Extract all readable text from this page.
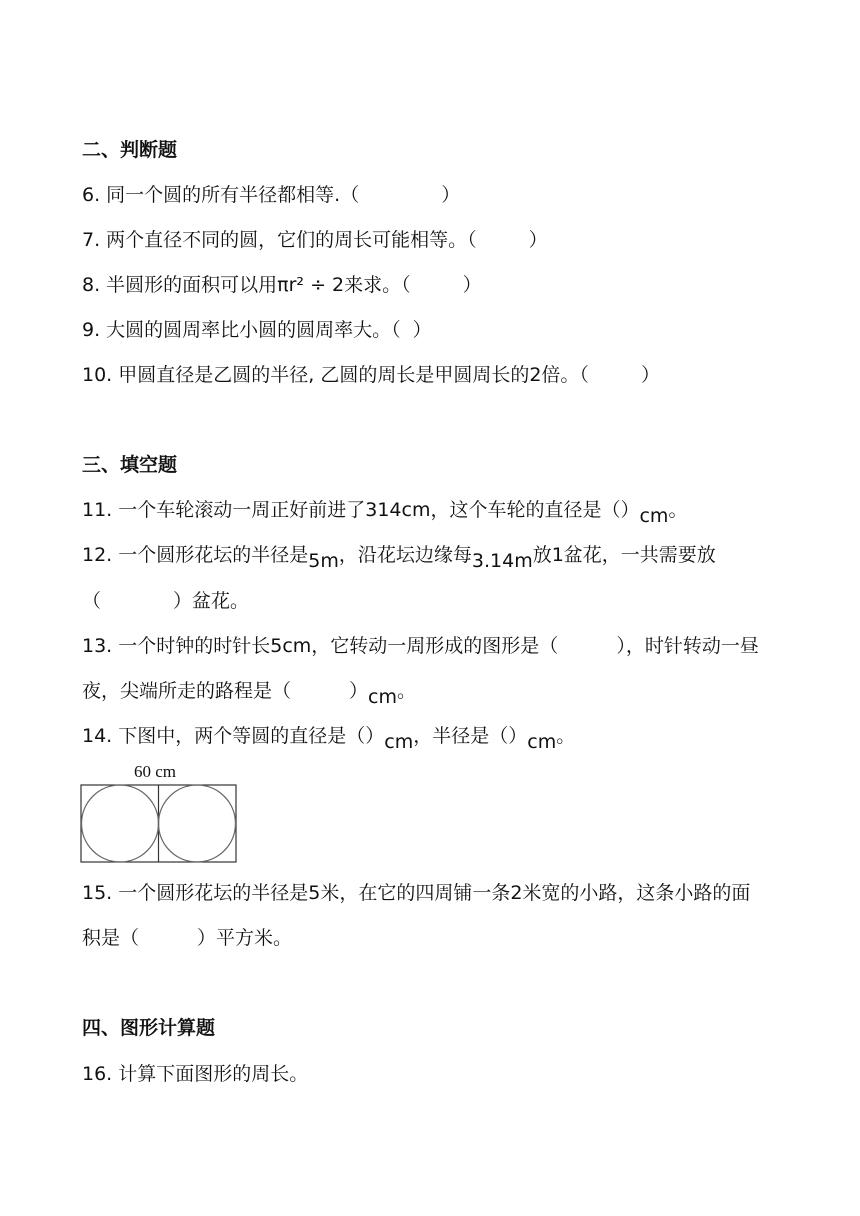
二、判断题
6. 同一个圆的所有半径都相等.（	）
7. 两个直径不同的圆，它们的周长可能相等。（	）
8. 半圆形的面积可以用πr² ÷ 2来求。（	）
9. 大圆的圆周率比小圆的圆周率大。（ ）
10. 甲圆直径是乙圆的半径, 乙圆的周长是甲圆周长的2倍。（	）
三、填空题
11. 一个车轮滚动一周正好前进了314cm，这个车轮的直径是（）cm。
12. 一个圆形花坛的半径是5m，沿花坛边缘每3.14m放1盆花，一共需要放
（	）盆花。
13. 一个时钟的时针长5cm，它转动一周形成的图形是（	），时针转动一昼
夜，尖端所走的路程是（	）cm。
14. 下图中，两个等圆的直径是（）cm，半径是（）cm。
60 cm
15. 一个圆形花坛的半径是5米，在它的四周铺一条2米宽的小路，这条小路的面
积是（	）平方米。
四、图形计算题
16. 计算下面图形的周长。
